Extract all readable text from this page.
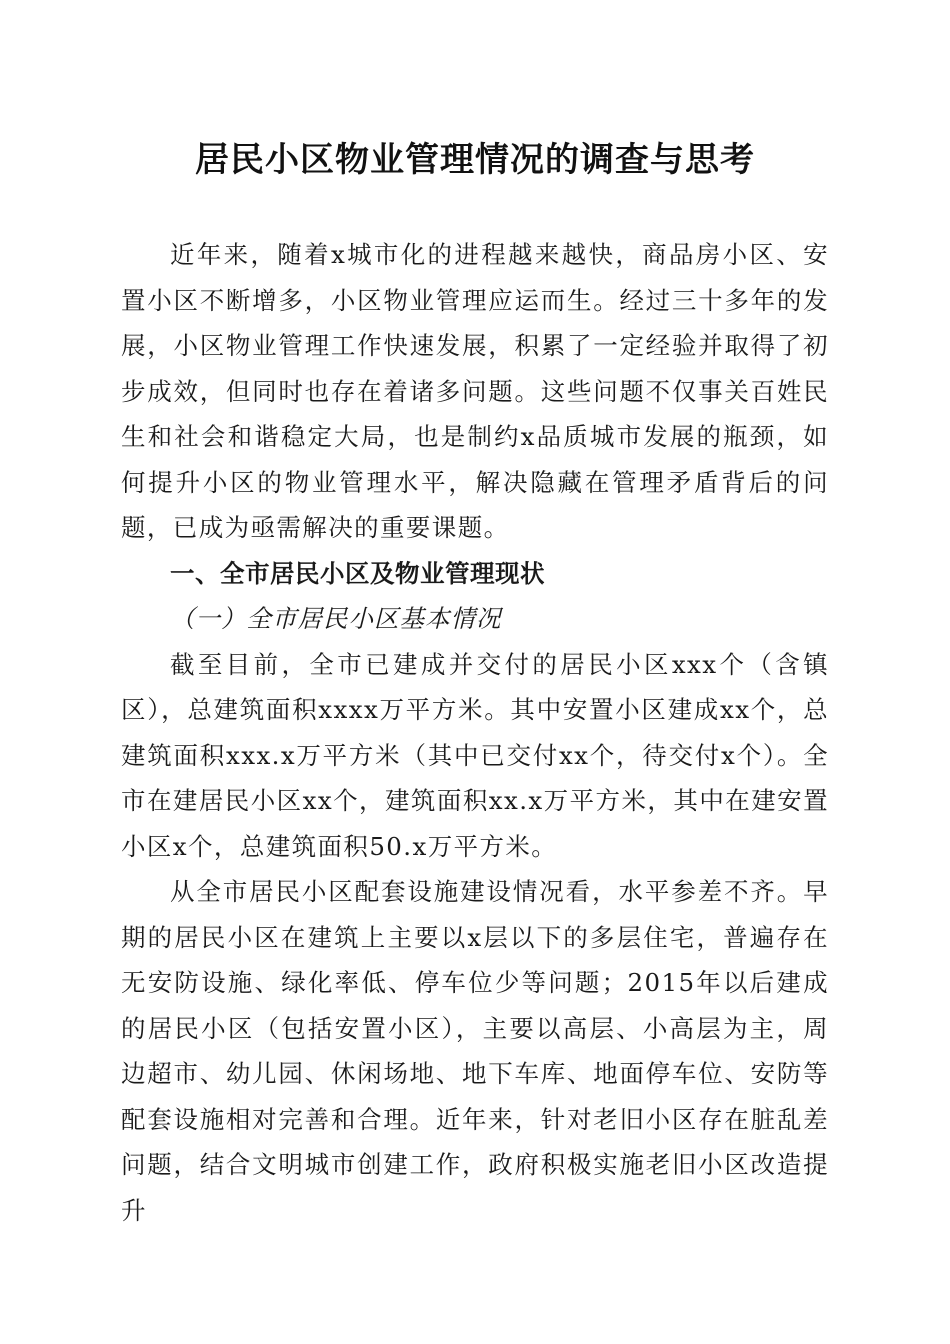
居民小区物业管理情况的调查与思考

近年来，随着x城市化的进程越来越快，商品房小区、安置小区不断增多，小区物业管理应运而生。经过三十多年的发展，小区物业管理工作快速发展，积累了一定经验并取得了初步成效，但同时也存在着诸多问题。这些问题不仅事关百姓民生和社会和谐稳定大局，也是制约x品质城市发展的瓶颈，如何提升小区的物业管理水平，解决隐藏在管理矛盾背后的问题，已成为亟需解决的重要课题。

一、全市居民小区及物业管理现状

（一）全市居民小区基本情况

截至目前，全市已建成并交付的居民小区xxx个（含镇区），总建筑面积xxxx万平方米。其中安置小区建成xx个，总建筑面积xxx.x万平方米（其中已交付xx个，待交付x个）。全市在建居民小区xx个，建筑面积xx.x万平方米，其中在建安置小区x个，总建筑面积50.x万平方米。

从全市居民小区配套设施建设情况看，水平参差不齐。早期的居民小区在建筑上主要以x层以下的多层住宅，普遍存在无安防设施、绿化率低、停车位少等问题；2015年以后建成的居民小区（包括安置小区），主要以高层、小高层为主，周边超市、幼儿园、休闲场地、地下车库、地面停车位、安防等配套设施相对完善和合理。近年来，针对老旧小区存在脏乱差问题，结合文明城市创建工作，政府积极实施老旧小区改造提升
